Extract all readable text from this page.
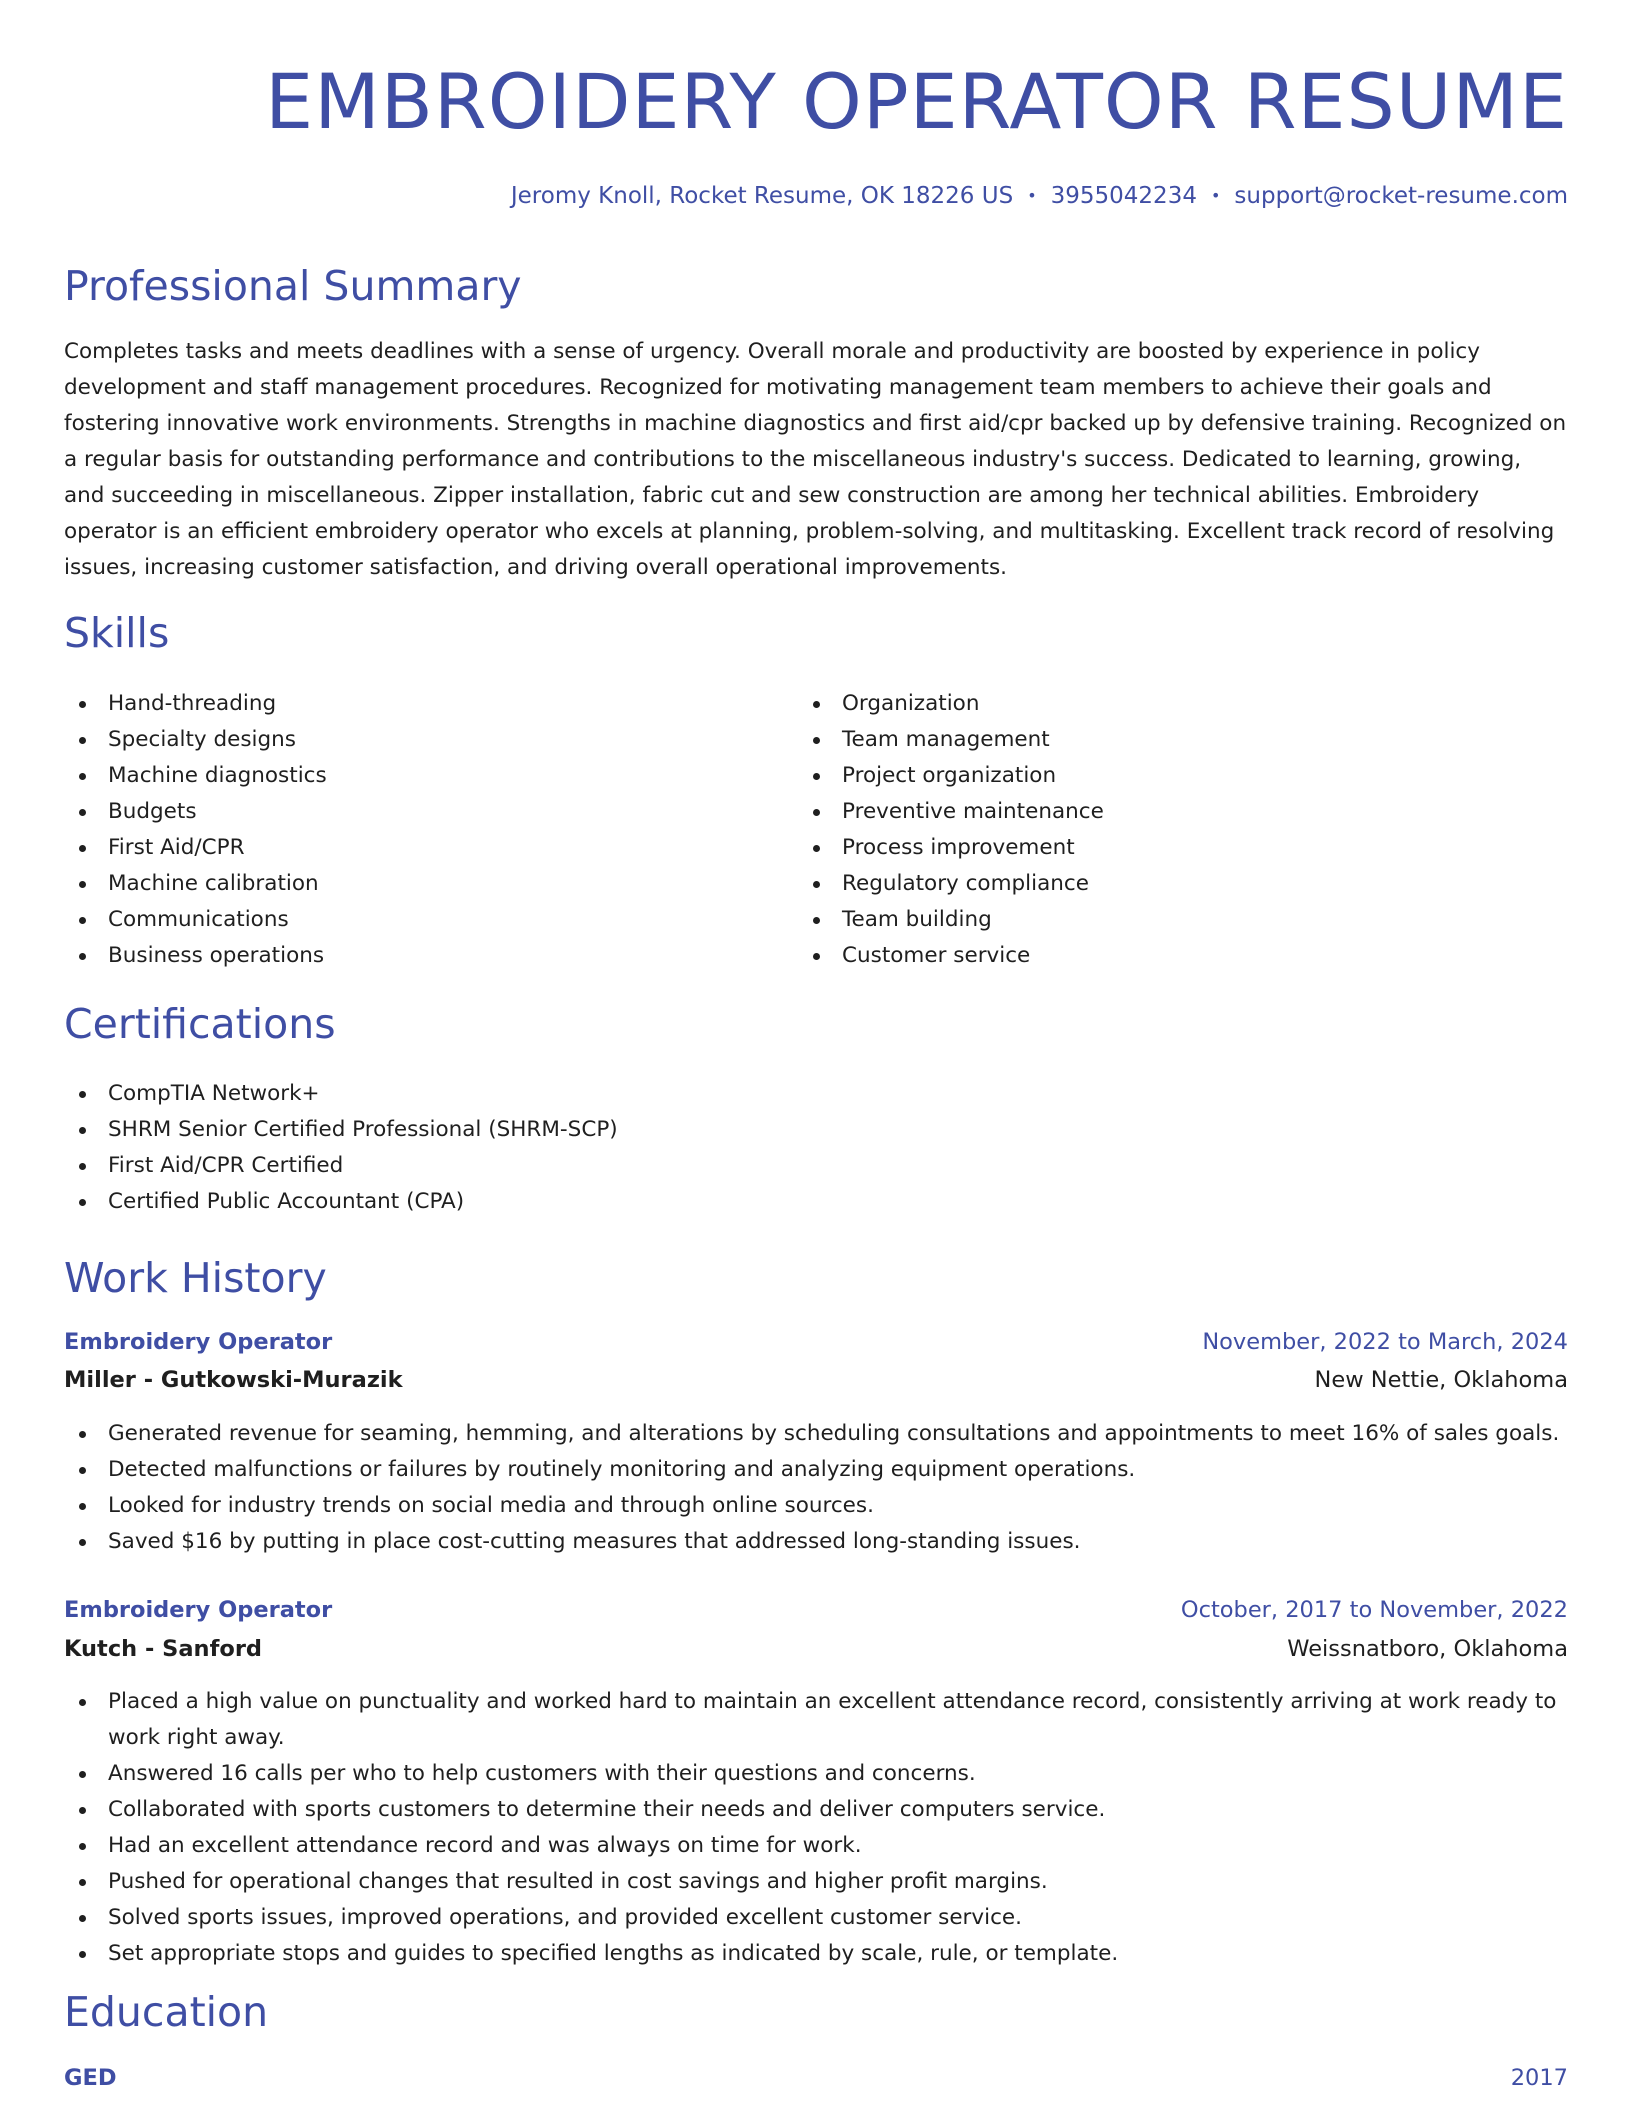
EMBROIDERY OPERATOR RESUME
Jeromy Knoll, Rocket Resume, OK 18226 US • 3955042234 • support@rocket-resume.com
Professional Summary

Completes tasks and meets deadlines with a sense of urgency. Overall morale and productivity are boosted by experience in policy development and staff management procedures. Recognized for motivating management team members to achieve their goals and fostering innovative work environments. Strengths in machine diagnostics and first aid/cpr backed up by defensive training. Recognized on a regular basis for outstanding performance and contributions to the miscellaneous industry's success. Dedicated to learning, growing, and succeeding in miscellaneous. Zipper installation, fabric cut and sew construction are among her technical abilities. Embroidery operator is an efficient embroidery operator who excels at planning, problem-solving, and multitasking. Excellent track record of resolving issues, increasing customer satisfaction, and driving overall operational improvements.

Skills
Hand-threading
Specialty designs
Machine diagnostics
Budgets
First Aid/CPR
Machine calibration
Communications
Business operations
Organization
Team management
Project organization
Preventive maintenance
Process improvement
Regulatory compliance
Team building
Customer service
Certifications
CompTIA Network+
SHRM Senior Certified Professional (SHRM-SCP)
First Aid/CPR Certified
Certified Public Accountant (CPA)
Work History
Embroidery Operator	November, 2022 to March, 2024
Miller - Gutkowski-Murazik	New Nettie, Oklahoma
Generated revenue for seaming, hemming, and alterations by scheduling consultations and appointments to meet 16% of sales goals.
Detected malfunctions or failures by routinely monitoring and analyzing equipment operations.
Looked for industry trends on social media and through online sources.
Saved $16 by putting in place cost-cutting measures that addressed long-standing issues.
Embroidery Operator	October, 2017 to November, 2022
Kutch - Sanford	Weissnatboro, Oklahoma
Placed a high value on punctuality and worked hard to maintain an excellent attendance record, consistently arriving at work ready to work right away.
Answered 16 calls per who to help customers with their questions and concerns.
Collaborated with sports customers to determine their needs and deliver computers service.
Had an excellent attendance record and was always on time for work.
Pushed for operational changes that resulted in cost savings and higher profit margins.
Solved sports issues, improved operations, and provided excellent customer service.
Set appropriate stops and guides to specified lengths as indicated by scale, rule, or template.
Education
GED	2017
